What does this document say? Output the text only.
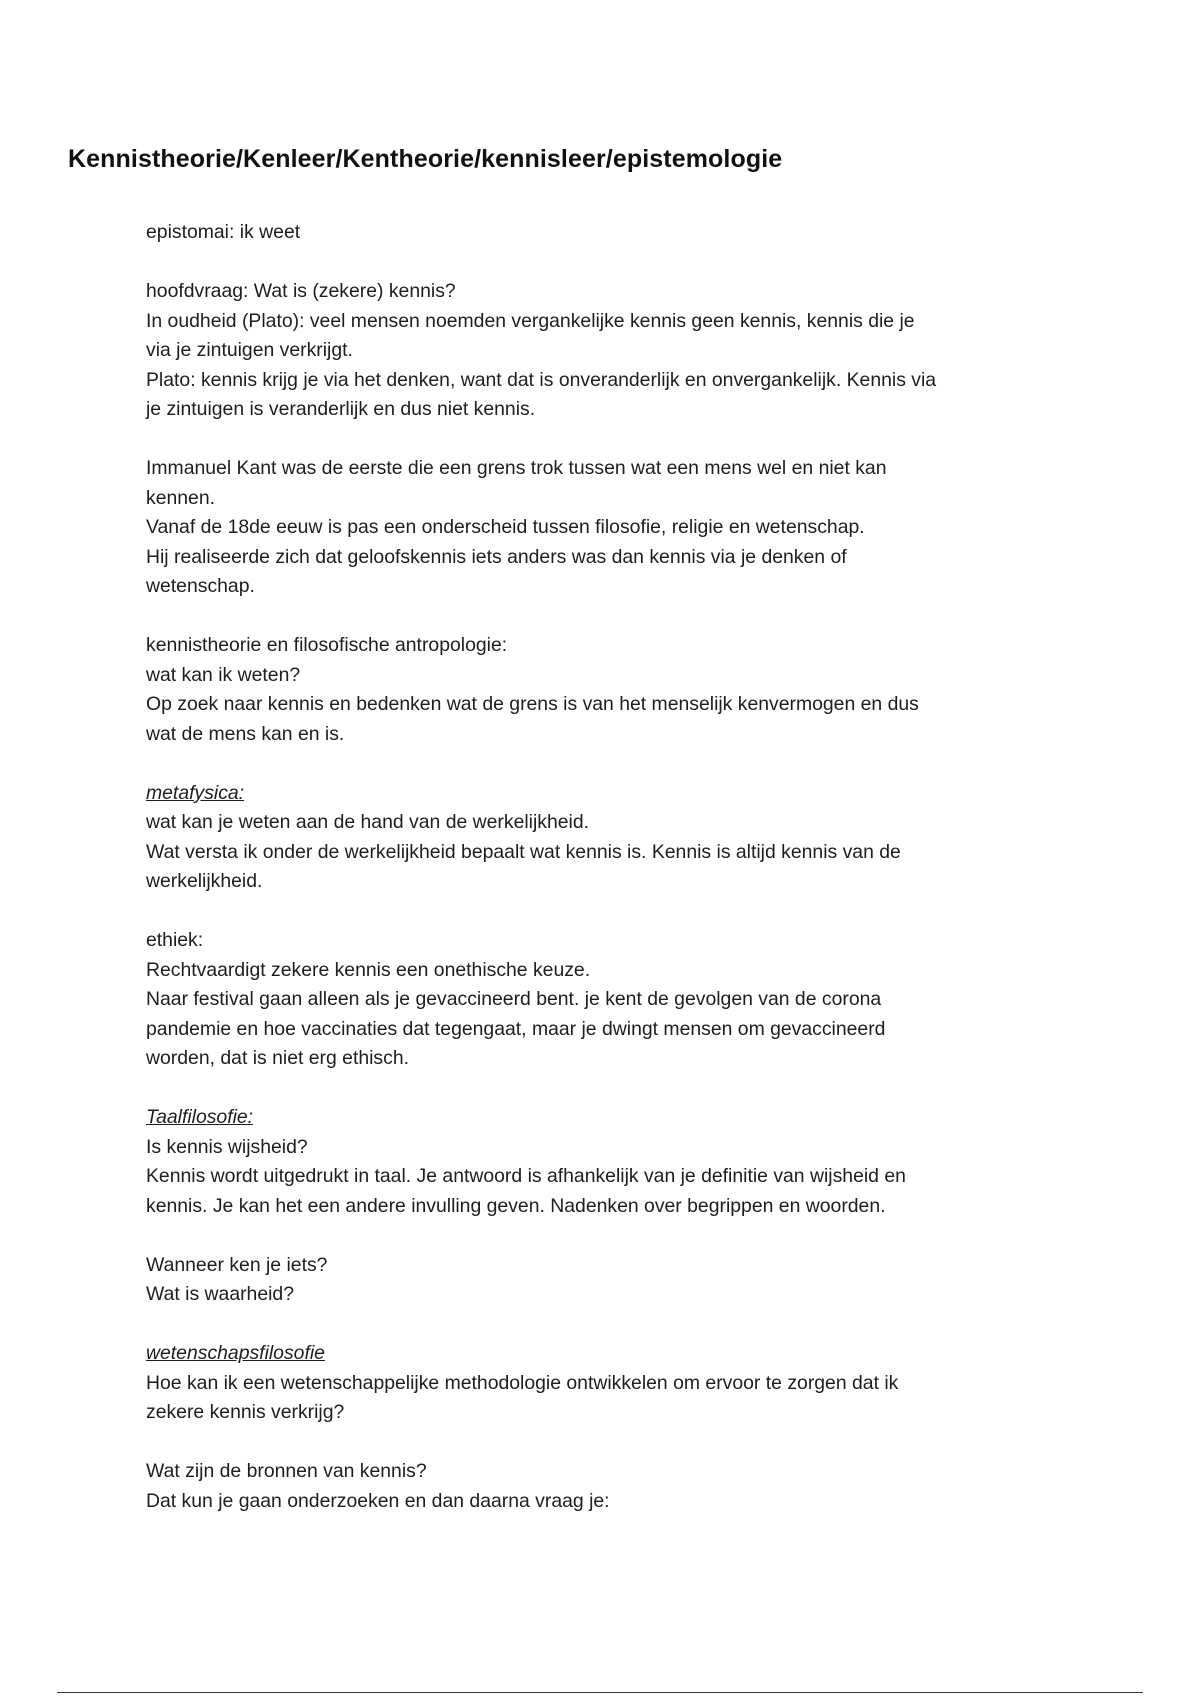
Kennistheorie/Kenleer/Kentheorie/kennisleer/epistemologie
epistomai: ik weet
hoofdvraag: Wat is (zekere) kennis?
In oudheid (Plato): veel mensen noemden vergankelijke kennis geen kennis, kennis die je
via je zintuigen verkrijgt.
Plato: kennis krijg je via het denken, want dat is onveranderlijk en onvergankelijk. Kennis via
je zintuigen is veranderlijk en dus niet kennis.
Immanuel Kant was de eerste die een grens trok tussen wat een mens wel en niet kan
kennen.
Vanaf de 18de eeuw is pas een onderscheid tussen filosofie, religie en wetenschap.
Hij realiseerde zich dat geloofskennis iets anders was dan kennis via je denken of
wetenschap.
kennistheorie en filosofische antropologie:
wat kan ik weten?
Op zoek naar kennis en bedenken wat de grens is van het menselijk kenvermogen en dus
wat de mens kan en is.
metafysica:
wat kan je weten aan de hand van de werkelijkheid.
Wat versta ik onder de werkelijkheid bepaalt wat kennis is. Kennis is altijd kennis van de
werkelijkheid.
ethiek:
Rechtvaardigt zekere kennis een onethische keuze.
Naar festival gaan alleen als je gevaccineerd bent. je kent de gevolgen van de corona
pandemie en hoe vaccinaties dat tegengaat, maar je dwingt mensen om gevaccineerd
worden, dat is niet erg ethisch.
Taalfilosofie:
Is kennis wijsheid?
Kennis wordt uitgedrukt in taal. Je antwoord is afhankelijk van je definitie van wijsheid en
kennis. Je kan het een andere invulling geven. Nadenken over begrippen en woorden.
Wanneer ken je iets?
Wat is waarheid?
wetenschapsfilosofie
Hoe kan ik een wetenschappelijke methodologie ontwikkelen om ervoor te zorgen dat ik
zekere kennis verkrijg?
Wat zijn de bronnen van kennis?
Dat kun je gaan onderzoeken en dan daarna vraag je:
